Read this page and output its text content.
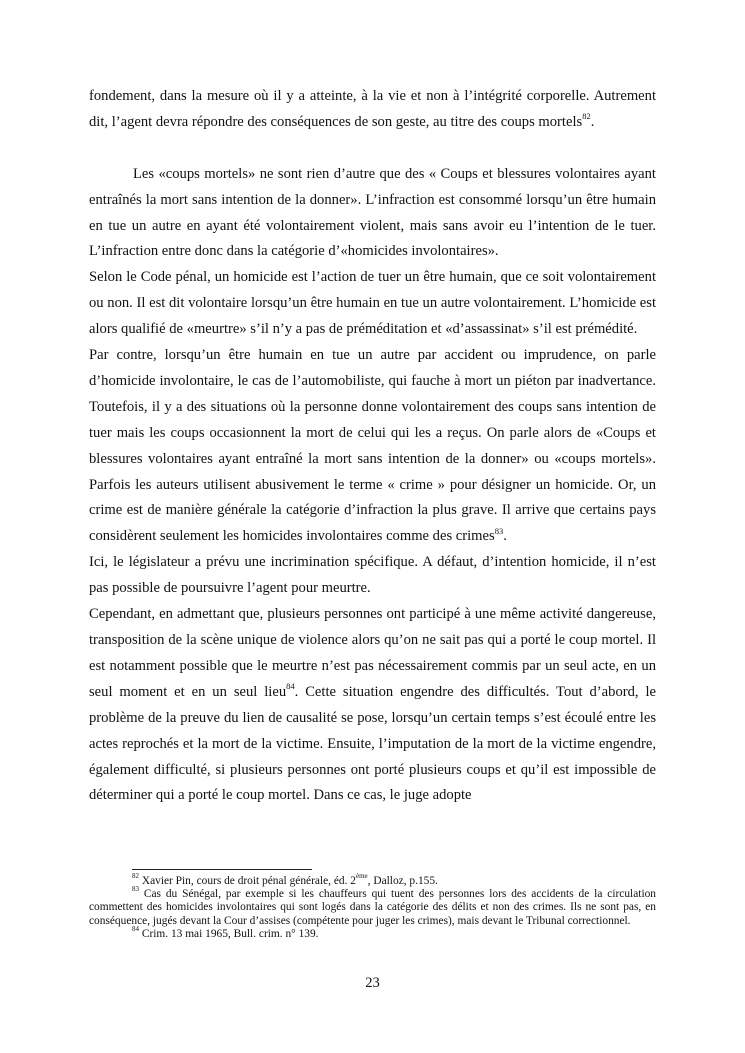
fondement, dans la mesure où il y a atteinte, à la vie et non à l’intégrité corporelle. Autrement dit, l’agent devra répondre des conséquences de son geste, au titre des coups mortels$^{82}$.

Les «coups mortels» ne sont rien d’autre que des « Coups et blessures volontaires ayant entraînés la mort sans intention de la donner». L’infraction est consommé lorsqu’un être humain en tue un autre en ayant été volontairement violent, mais sans avoir eu l’intention de le tuer. L’infraction entre donc dans la catégorie d’«homicides involontaires».

Selon le Code pénal, un homicide est l’action de tuer un être humain, que ce soit volontairement ou non. Il est dit volontaire lorsqu’un être humain en tue un autre volontairement. L’homicide est alors qualifié de «meurtre» s’il n’y a pas de préméditation et «d’assassinat» s’il est prémédité.

Par contre, lorsqu’un être humain en tue un autre par accident ou imprudence, on parle d’homicide involontaire, le cas de l’automobiliste, qui fauche à mort un piéton par inadvertance. Toutefois, il y a des situations où la personne donne volontairement des coups sans intention de tuer mais les coups occasionnent la mort de celui qui les a reçus. On parle alors de «Coups et blessures volontaires ayant entraîné la mort sans intention de la donner» ou «coups mortels». Parfois les auteurs utilisent abusivement le terme « crime » pour désigner un homicide. Or, un crime est de manière générale la catégorie d’infraction la plus grave. Il arrive que certains pays considèrent seulement les homicides involontaires comme des crimes$^{83}$.

Ici, le législateur a prévu une incrimination spécifique. A défaut, d’intention homicide, il n’est pas possible de poursuivre l’agent pour meurtre.

Cependant, en admettant que, plusieurs personnes ont participé à une même activité dangereuse, transposition de la scène unique de violence alors qu’on ne sait pas qui a porté le coup mortel. Il est notamment possible que le meurtre n’est pas nécessairement commis par un seul acte, en un seul moment et en un seul lieu$^{84}$. Cette situation engendre des difficultés. Tout d’abord, le problème de la preuve du lien de causalité se pose, lorsqu’un certain temps s’est écoulé entre les actes reprochés et la mort de la victime. Ensuite, l’imputation de la mort de la victime engendre, également difficulté, si plusieurs personnes ont porté plusieurs coups et qu’il est impossible de déterminer qui a porté le coup mortel. Dans ce cas, le juge adopte

$^{82}$ Xavier Pin, cours de droit pénal générale, éd. 2ème, Dalloz, p.155.

$^{83}$ Cas du Sénégal, par exemple si les chauffeurs qui tuent des personnes lors des accidents de la circulation commettent des homicides involontaires qui sont logés dans la catégorie des délits et non des crimes. Ils ne sont pas, en conséquence, jugés devant la Cour d’assises (compétente pour juger les crimes), mais devant le Tribunal correctionnel.

$^{84}$ Crim. 13 mai 1965, Bull. crim. n° 139.

23
